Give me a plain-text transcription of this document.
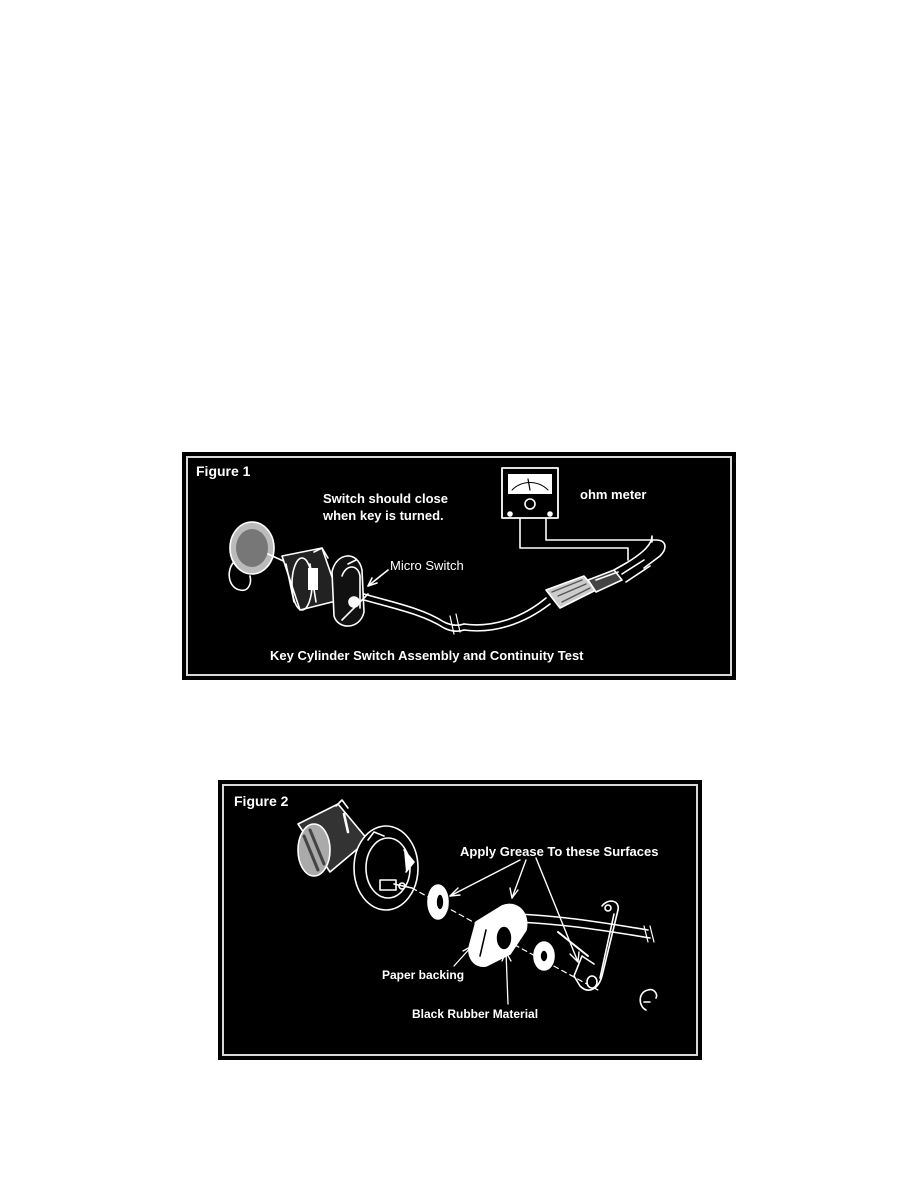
Figure 1
Switch should close
when key is turned.
ohm meter
Micro Switch
Key Cylinder Switch Assembly and Continuity Test
Figure 2
Apply Grease To these Surfaces
Paper backing
Black Rubber Material
